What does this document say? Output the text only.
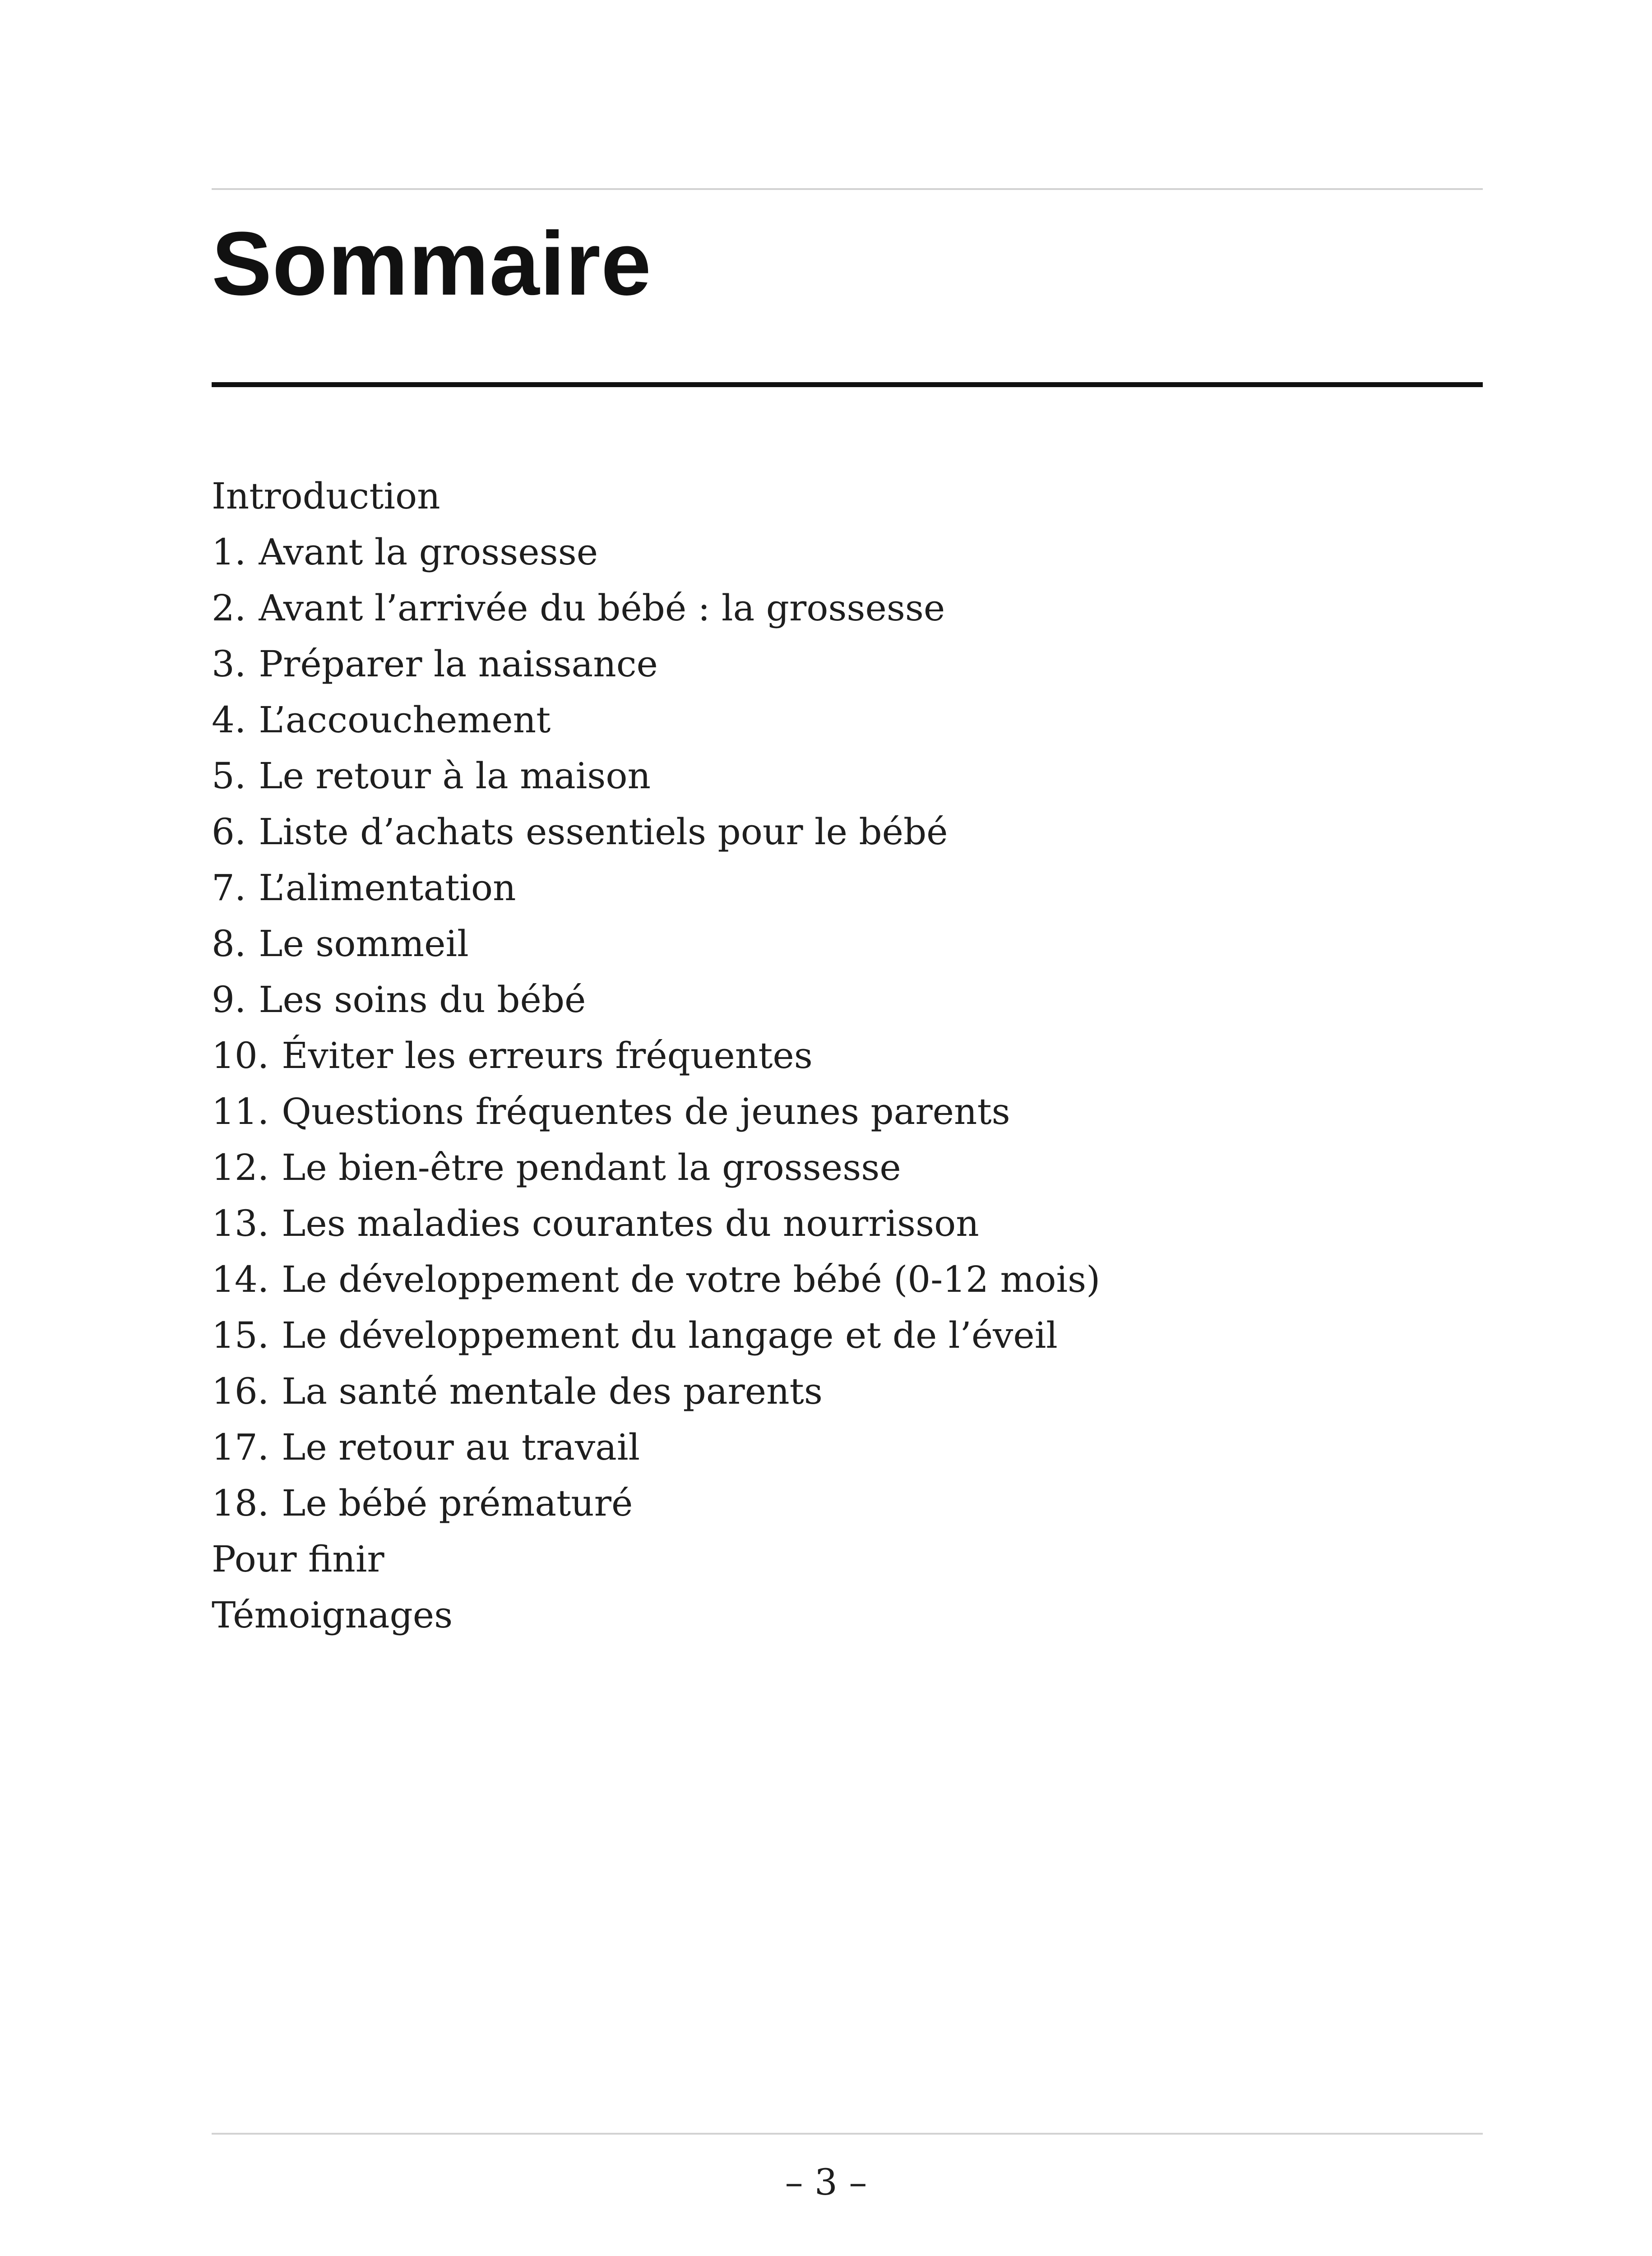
Sommaire
Introduction
1. Avant la grossesse
2. Avant l’arrivée du bébé : la grossesse
3. Préparer la naissance
4. L’accouchement
5. Le retour à la maison
6. Liste d’achats essentiels pour le bébé
7. L’alimentation
8. Le sommeil
9. Les soins du bébé
10. Éviter les erreurs fréquentes
11. Questions fréquentes de jeunes parents
12. Le bien-être pendant la grossesse
13. Les maladies courantes du nourrisson
14. Le développement de votre bébé (0-12 mois)
15. Le développement du langage et de l’éveil
16. La santé mentale des parents
17. Le retour au travail
18. Le bébé prématuré
Pour finir
Témoignages
– 3 –
